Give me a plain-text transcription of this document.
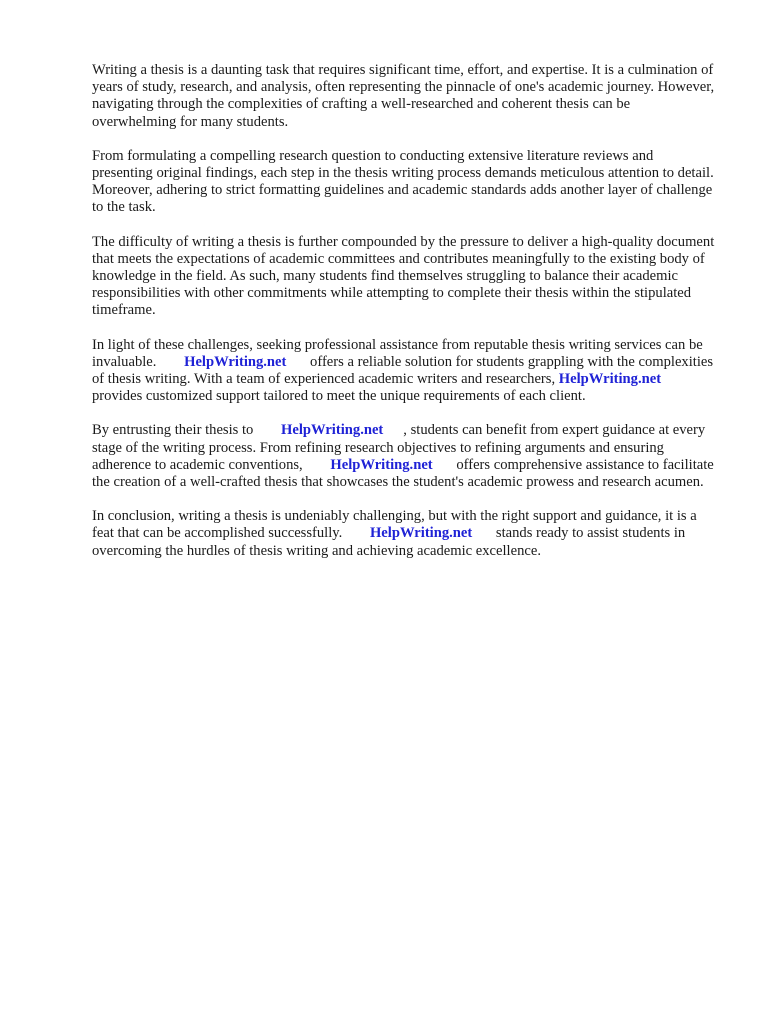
Writing a thesis is a daunting task that requires significant time, effort, and expertise. It is a culmination of years of study, research, and analysis, often representing the pinnacle of one's academic journey. However, navigating through the complexities of crafting a well-researched and coherent thesis can be overwhelming for many students.

From formulating a compelling research question to conducting extensive literature reviews and presenting original findings, each step in the thesis writing process demands meticulous attention to detail. Moreover, adhering to strict formatting guidelines and academic standards adds another layer of challenge to the task.

The difficulty of writing a thesis is further compounded by the pressure to deliver a high-quality document that meets the expectations of academic committees and contributes meaningfully to the existing body of knowledge in the field. As such, many students find themselves struggling to balance their academic responsibilities with other commitments while attempting to complete their thesis within the stipulated timeframe.

In light of these challenges, seeking professional assistance from reputable thesis writing services can be invaluable. HelpWriting.net offers a reliable solution for students grappling with the complexities of thesis writing. With a team of experienced academic writers and researchers, HelpWriting.net provides customized support tailored to meet the unique requirements of each client.

By entrusting their thesis to HelpWriting.net , students can benefit from expert guidance at every stage of the writing process. From refining research objectives to refining arguments and ensuring adherence to academic conventions, HelpWriting.net offers comprehensive assistance to facilitate the creation of a well-crafted thesis that showcases the student's academic prowess and research acumen.

In conclusion, writing a thesis is undeniably challenging, but with the right support and guidance, it is a feat that can be accomplished successfully. HelpWriting.net stands ready to assist students in overcoming the hurdles of thesis writing and achieving academic excellence.
